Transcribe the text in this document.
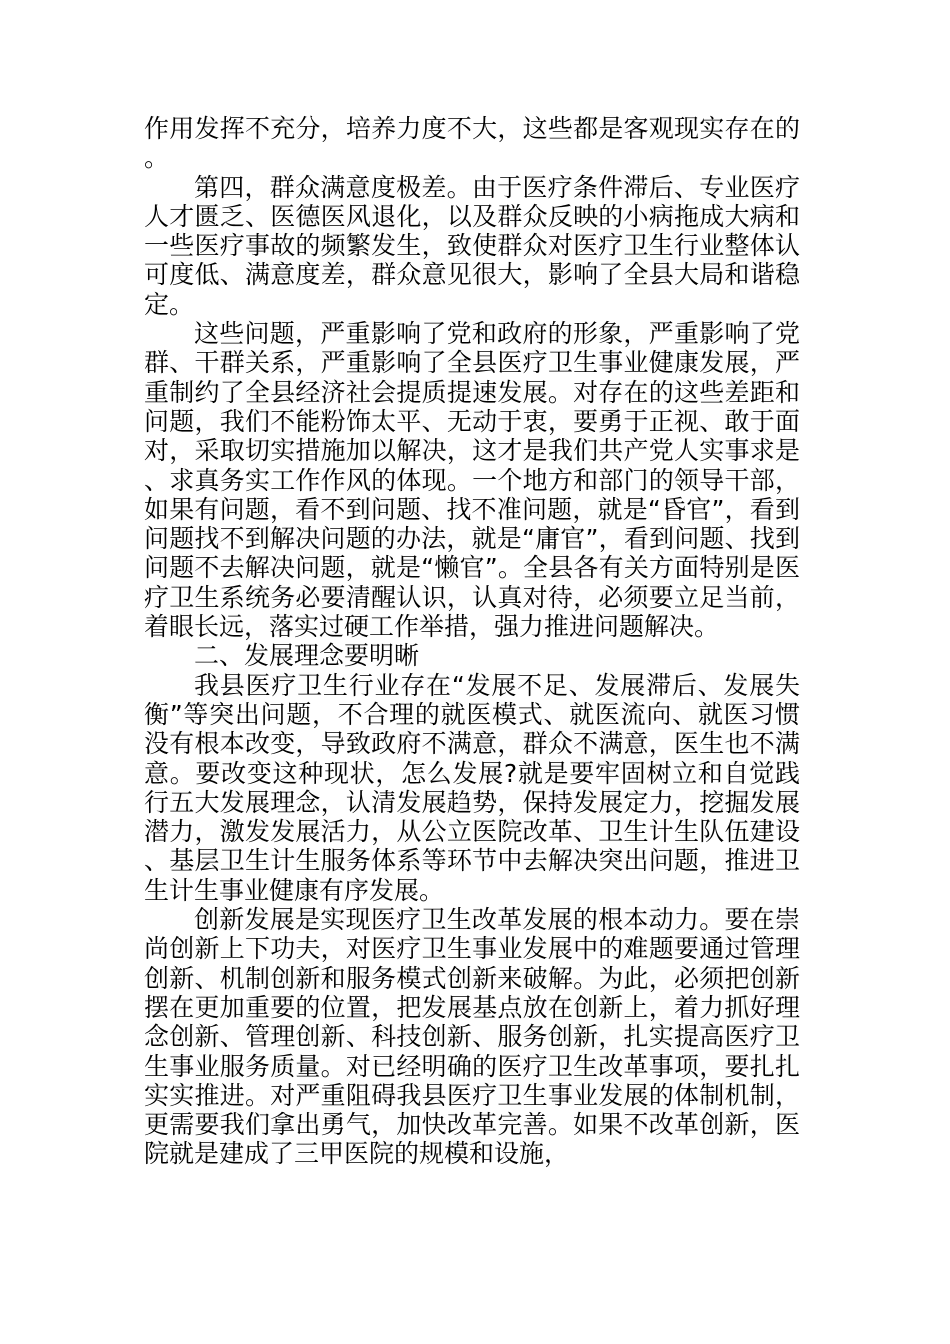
作用发挥不充分，培养力度不大，这些都是客观现实存在的。

第四，群众满意度极差。由于医疗条件滞后、专业医疗人才匮乏、医德医风退化，以及群众反映的小病拖成大病和一些医疗事故的频繁发生，致使群众对医疗卫生行业整体认可度低、满意度差，群众意见很大，影响了全县大局和谐稳定。

这些问题，严重影响了党和政府的形象，严重影响了党群、干群关系，严重影响了全县医疗卫生事业健康发展，严重制约了全县经济社会提质提速发展。对存在的这些差距和问题，我们不能粉饰太平、无动于衷，要勇于正视、敢于面对，采取切实措施加以解决，这才是我们共产党人实事求是、求真务实工作作风的体现。一个地方和部门的领导干部，如果有问题，看不到问题、找不准问题，就是“昏官”，看到问题找不到解决问题的办法，就是“庸官”，看到问题、找到问题不去解决问题，就是“懒官”。全县各有关方面特别是医疗卫生系统务必要清醒认识，认真对待，必须要立足当前，着眼长远，落实过硬工作举措，强力推进问题解决。

二、发展理念要明晰

我县医疗卫生行业存在“发展不足、发展滞后、发展失衡”等突出问题，不合理的就医模式、就医流向、就医习惯没有根本改变，导致政府不满意，群众不满意，医生也不满意。要改变这种现状，怎么发展?就是要牢固树立和自觉践行五大发展理念，认清发展趋势，保持发展定力，挖掘发展潜力，激发发展活力，从公立医院改革、卫生计生队伍建设、基层卫生计生服务体系等环节中去解决突出问题，推进卫生计生事业健康有序发展。

创新发展是实现医疗卫生改革发展的根本动力。要在崇尚创新上下功夫，对医疗卫生事业发展中的难题要通过管理创新、机制创新和服务模式创新来破解。为此，必须把创新摆在更加重要的位置，把发展基点放在创新上，着力抓好理念创新、管理创新、科技创新、服务创新，扎实提高医疗卫生事业服务质量。对已经明确的医疗卫生改革事项，要扎扎实实推进。对严重阻碍我县医疗卫生事业发展的体制机制，更需要我们拿出勇气，加快改革完善。如果不改革创新，医院就是建成了三甲医院的规模和设施，
